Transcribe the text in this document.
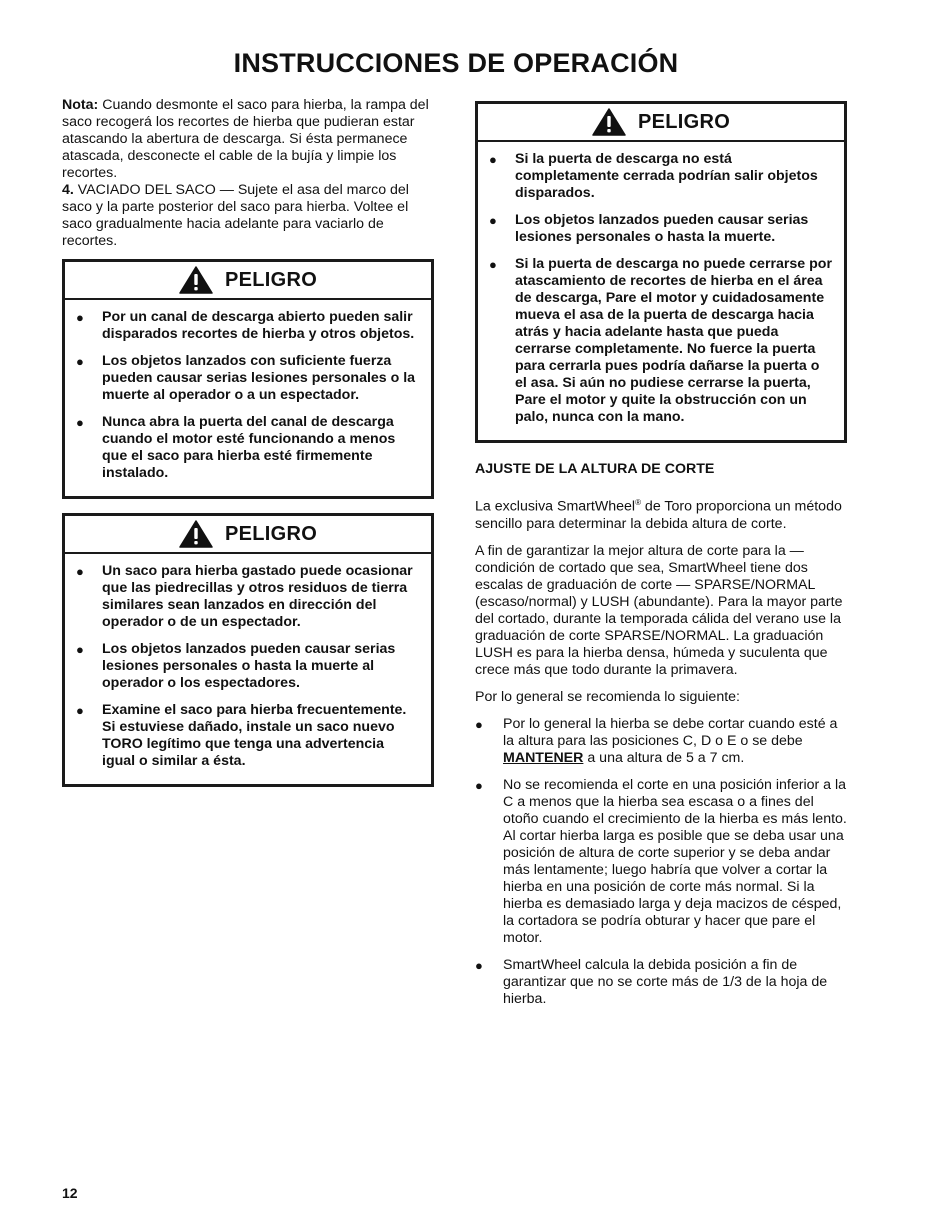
INSTRUCCIONES DE OPERACIÓN

Nota: Cuando desmonte el saco para hierba, la rampa del saco recogerá los recortes de hierba que pudieran estar atascando la abertura de descarga. Si ésta permanece atascada, desconecte el cable de la bujía y limpie los recortes.

4. VACIADO DEL SACO — Sujete el asa del marco del saco y la parte posterior del saco para hierba. Voltee el saco gradualmente hacia adelante para vaciarlo de recortes.

PELIGRO
●	Por un canal de descarga abierto pueden salir disparados recortes de hierba y otros objetos.
●	Los objetos lanzados con suficiente fuerza pueden causar serias lesiones personales o la muerte al operador o a un espectador.
●	Nunca abra la puerta del canal de descarga cuando el motor esté funcionando a menos que el saco para hierba esté firmemente instalado.
PELIGRO
●	Un saco para hierba gastado puede ocasionar que las piedrecillas y otros residuos de tierra similares sean lanzados en dirección del operador o de un espectador.
●	Los objetos lanzados pueden causar serias lesiones personales o hasta la muerte al operador o los espectadores.
●	Examine el saco para hierba frecuentemente. Si estuviese dañado, instale un saco nuevo TORO legítimo que tenga una advertencia igual o similar a ésta.
PELIGRO
●	Si la puerta de descarga no está completamente cerrada podrían salir objetos disparados.
●	Los objetos lanzados pueden causar serias lesiones personales o hasta la muerte.
●	Si la puerta de descarga no puede cerrarse por atascamiento de recortes de hierba en el área de descarga, Pare el motor y cuidadosamente mueva el asa de la puerta de descarga hacia atrás y hacia adelante hasta que pueda cerrarse completamente. No fuerce la puerta para cerrarla pues podría dañarse la puerta o el asa. Si aún no pudiese cerrarse la puerta, Pare el motor y quite la obstrucción con un palo, nunca con la mano.
AJUSTE DE LA ALTURA DE CORTE

La exclusiva SmartWheel® de Toro proporciona un método sencillo para determinar la debida altura de corte.

A fin de garantizar la mejor altura de corte para la — condición de cortado que sea, SmartWheel tiene dos escalas de graduación de corte — SPARSE/NORMAL (escaso/normal) y LUSH (abundante). Para la mayor parte del cortado, durante la temporada cálida del verano use la graduación de corte SPARSE/NORMAL. La graduación LUSH es para la hierba densa, húmeda y suculenta que crece más que todo durante la primavera.

Por lo general se recomienda lo siguiente:

●	Por lo general la hierba se debe cortar cuando esté a la altura para las posiciones C, D o E o se debe MANTENER a una altura de 5 a 7 cm.
●	No se recomienda el corte en una posición inferior a la C a menos que la hierba sea escasa o a fines del otoño cuando el crecimiento de la hierba es más lento. Al cortar hierba larga es posible que se deba usar una posición de altura de corte superior y se deba andar más lentamente; luego habría que volver a cortar la hierba en una posición de corte más normal. Si la hierba es demasiado larga y deja macizos de césped, la cortadora se podría obturar y hacer que pare el motor.
●	SmartWheel calcula la debida posición a fin de garantizar que no se corte más de 1/3 de la hoja de hierba.
12
